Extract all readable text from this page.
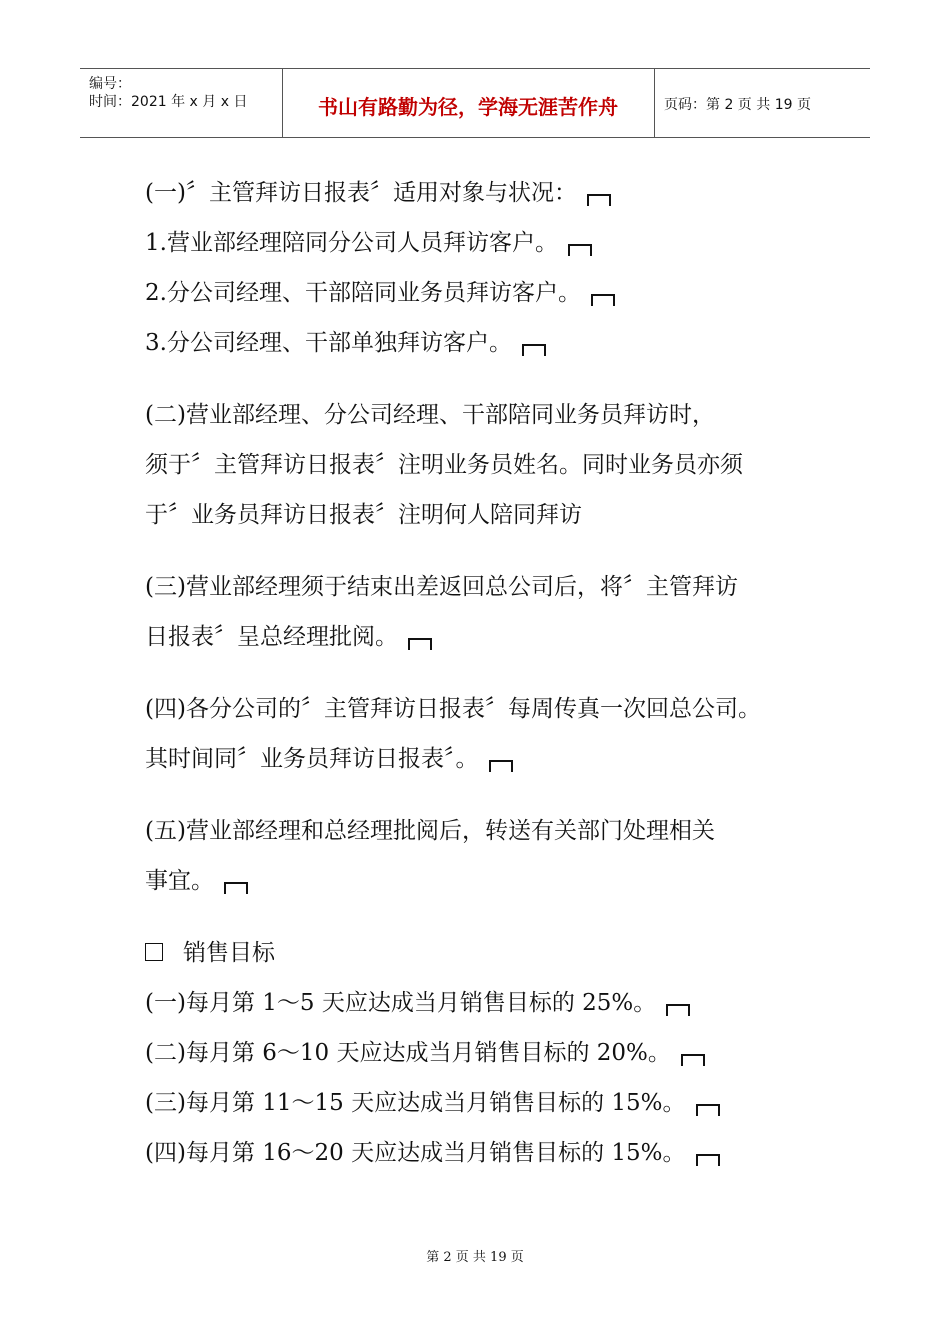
编号：
时间：2021 年 x 月 x 日	书山有路勤为径，学海无涯苦作舟	页码：第 2 页 共 19 页
(一)〞主管拜访日报表〞适用对象与状况：
1.营业部经理陪同分公司人员拜访客户。
2.分公司经理、干部陪同业务员拜访客户。
3.分公司经理、干部单独拜访客户。
(二)营业部经理、分公司经理、干部陪同业务员拜访时，
须于〞主管拜访日报表〞注明业务员姓名。同时业务员亦须
于〞业务员拜访日报表〞注明何人陪同拜访
(三)营业部经理须于结束出差返回总公司后，将〞主管拜访
日报表〞呈总经理批阅。
(四)各分公司的〞主管拜访日报表〞每周传真一次回总公司。
其时间同〞业务员拜访日报表〞。
(五)营业部经理和总经理批阅后，转送有关部门处理相关
事宜。
销售目标
(一)每月第 1～5 天应达成当月销售目标的 25%。
(二)每月第 6～10 天应达成当月销售目标的 20%。
(三)每月第 11～15 天应达成当月销售目标的 15%。
(四)每月第 16～20 天应达成当月销售目标的 15%。
第 2 页 共 19 页
